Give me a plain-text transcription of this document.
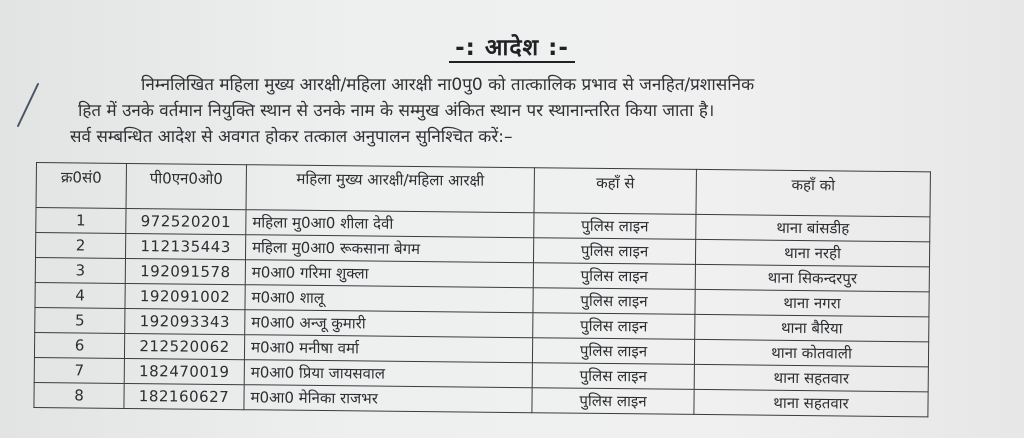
-: आदेश :-
निम्नलिखित महिला मुख्य आरक्षी/महिला आरक्षी ना0पु0 को तात्कालिक प्रभाव से जनहित/प्रशासनिक
हित में उनके वर्तमान नियुक्ति स्थान से उनके नाम के सम्मुख अंकित स्थान पर स्थानान्तरित किया जाता है।
सर्व सम्बन्धित आदेश से अवगत होकर तत्काल अनुपालन सुनिश्चित करें:–
क्र0सं0	पी0एन0ओ0	महिला मुख्य आरक्षी/महिला आरक्षी	कहाँ से	कहाँ को
1	972520201	महिला मु0आ0 शीला देवी	पुलिस लाइन	थाना बांसडीह
2	112135443	महिला मु0आ0 रूकसाना बेगम	पुलिस लाइन	थाना नरही
3	192091578	म0आ0 गरिमा शुक्ला	पुलिस लाइन	थाना सिकन्दरपुर
4	192091002	म0आ0 शालू	पुलिस लाइन	थाना नगरा
5	192093343	म0आ0 अन्जू कुमारी	पुलिस लाइन	थाना बैरिया
6	212520062	म0आ0 मनीषा वर्मा	पुलिस लाइन	थाना कोतवाली
7	182470019	म0आ0 प्रिया जायसवाल	पुलिस लाइन	थाना सहतवार
8	182160627	म0आ0 मेनिका राजभर	पुलिस लाइन	थाना सहतवार
